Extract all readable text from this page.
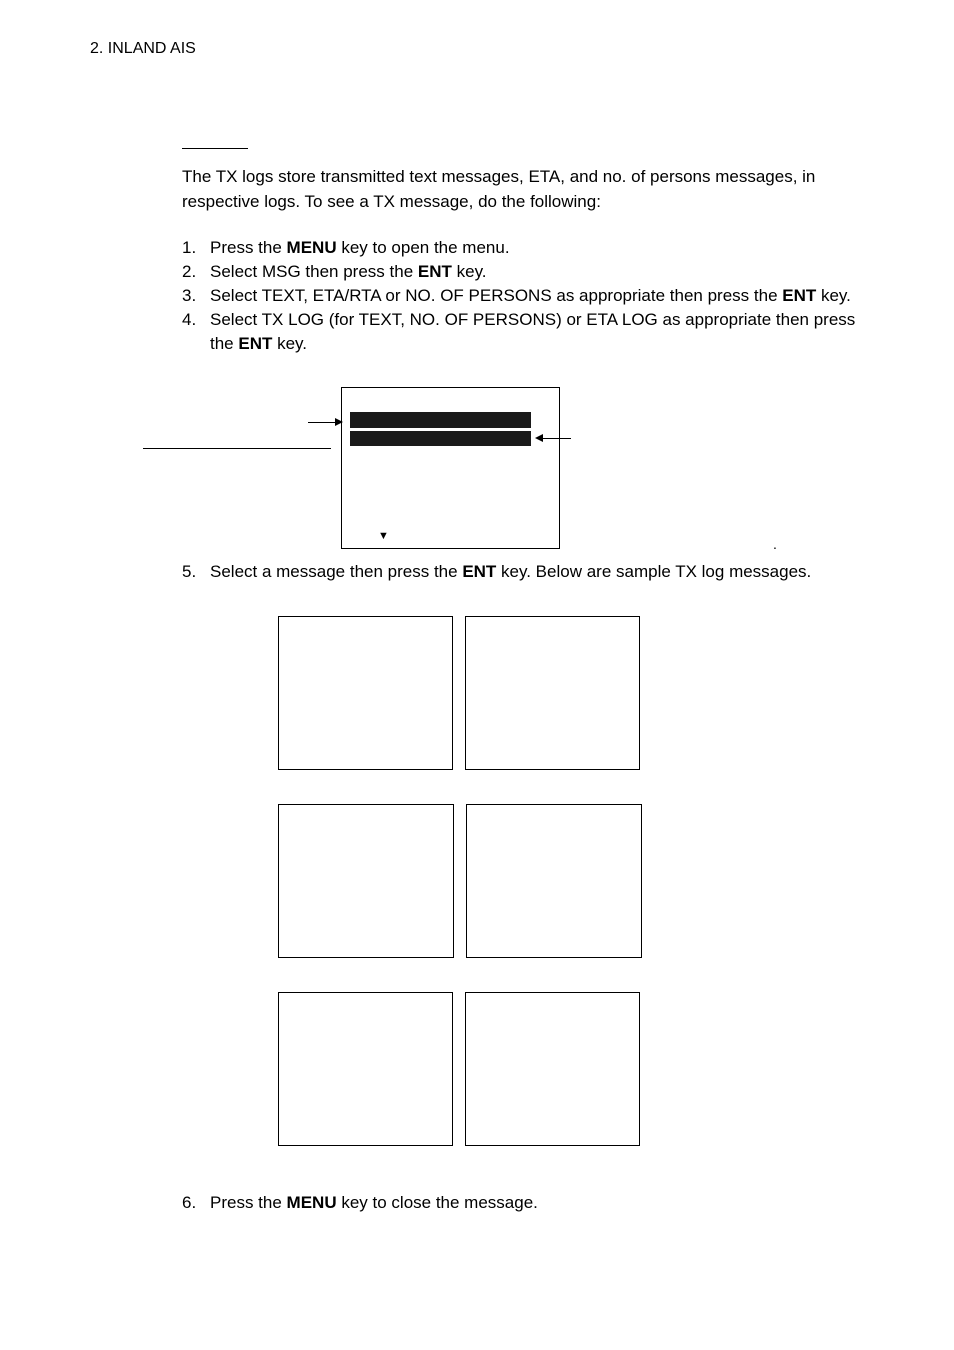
2. INLAND AIS
The TX logs store transmitted text messages, ETA, and no. of persons messages, in respective logs. To see a TX message, do the following:
1. Press the MENU key to open the menu.
2. Select MSG then press the ENT key.
3. Select TEXT, ETA/RTA or NO. OF PERSONS as appropriate then press the ENT key.
4. Select TX LOG (for TEXT, NO. OF PERSONS) or ETA LOG as appropriate then press the ENT key.
▼	.
5. Select a message then press the ENT key. Below are sample TX log messages.
6. Press the MENU key to close the message.
